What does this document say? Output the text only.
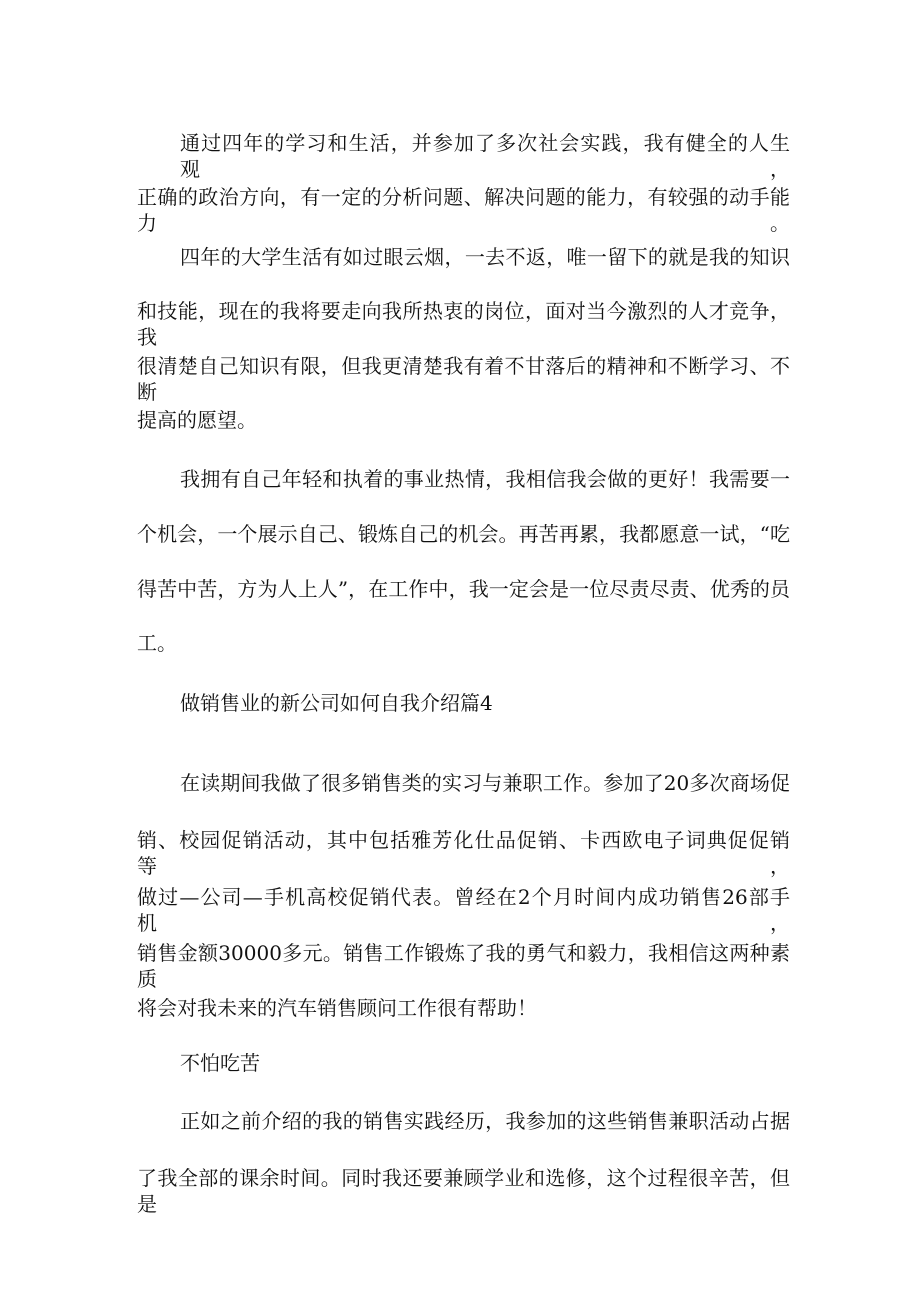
通过四年的学习和生活，并参加了多次社会实践，我有健全的人生观，
正确的政治方向，有一定的分析问题、解决问题的能力，有较强的动手能力。
四年的大学生活有如过眼云烟，一去不返，唯一留下的就是我的知识
和技能，现在的我将要走向我所热衷的岗位，面对当今激烈的人才竞争，我
很清楚自己知识有限，但我更清楚我有着不甘落后的精神和不断学习、不断
提高的愿望。
我拥有自己年轻和执着的事业热情，我相信我会做的更好！我需要一
个机会，一个展示自己、锻炼自己的机会。再苦再累，我都愿意一试，“吃
得苦中苦，方为人上人”，在工作中，我一定会是一位尽责尽责、优秀的员
工。
做销售业的新公司如何自我介绍篇4
在读期间我做了很多销售类的实习与兼职工作。参加了20多次商场促
销、校园促销活动，其中包括雅芳化仕品促销、卡西欧电子词典促促销等，
做过—公司—手机高校促销代表。曾经在2个月时间内成功销售26部手机，
销售金额30000多元。销售工作锻炼了我的勇气和毅力，我相信这两种素质
将会对我未来的汽车销售顾问工作很有帮助！
不怕吃苦
正如之前介绍的我的销售实践经历，我参加的这些销售兼职活动占据
了我全部的课余时间。同时我还要兼顾学业和选修，这个过程很辛苦，但是
